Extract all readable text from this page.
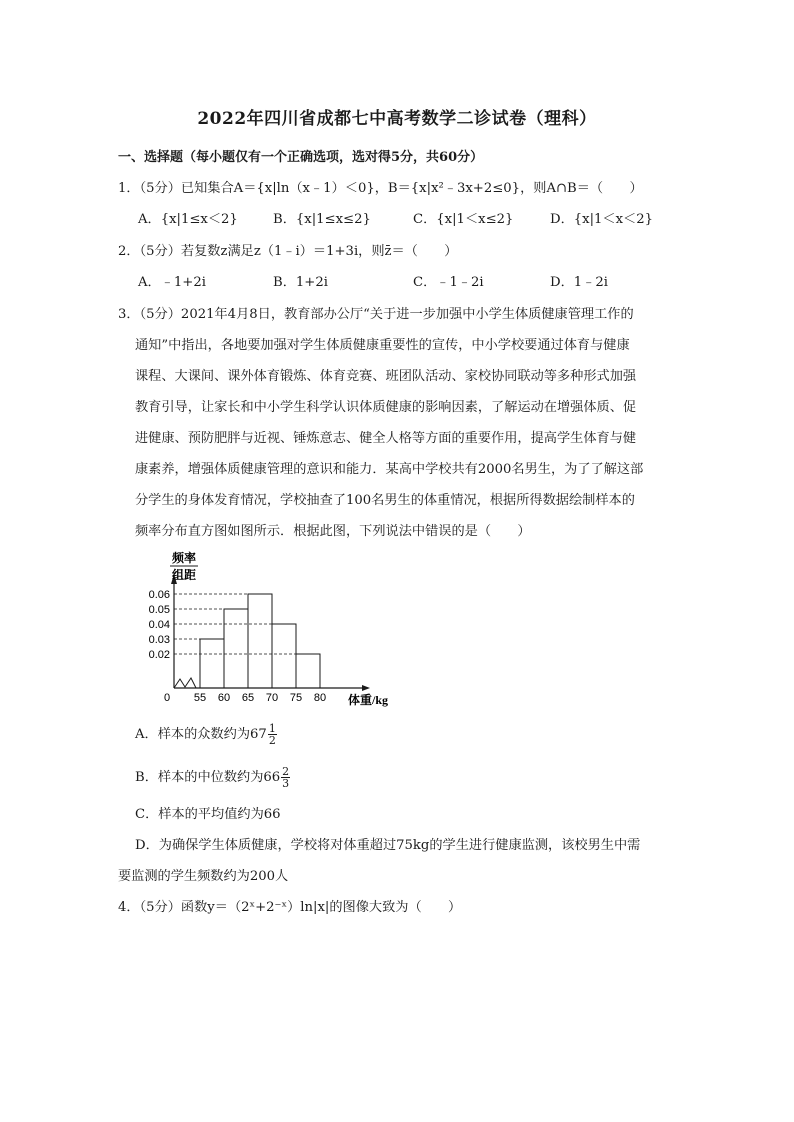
2022年四川省成都七中高考数学二诊试卷（理科）
一、选择题（每小题仅有一个正确选项，选对得5分，共60分）
1．（5分）已知集合A＝{x|ln（x﹣1）＜0}，B＝{x|x²﹣3x+2≤0}，则A∩B＝（　　）
A．{x|1≤x＜2}	B．{x|1≤x≤2}	C．{x|1＜x≤2}	D．{x|1＜x＜2}
2．（5分）若复数z满足z（1﹣i）＝1+3i，则z̄＝（　　）
A．﹣1+2i	B．1+2i	C．﹣1﹣2i	D．1﹣2i
3．（5分）2021年4月8日，教育部办公厅“关于进一步加强中小学生体质健康管理工作的
通知”中指出，各地要加强对学生体质健康重要性的宣传，中小学校要通过体育与健康
课程、大课间、课外体育锻炼、体育竞赛、班团队活动、家校协同联动等多种形式加强
教育引导，让家长和中小学生科学认识体质健康的影响因素，了解运动在增强体质、促
进健康、预防肥胖与近视、锤炼意志、健全人格等方面的重要作用，提高学生体育与健
康素养，增强体质健康管理的意识和能力．某高中学校共有2000名男生，为了了解这部
分学生的身体发育情况，学校抽查了100名男生的体重情况，根据所得数据绘制样本的
频率分布直方图如图所示．根据此图，下列说法中错误的是（　　）
频率
组距
0.02
0.03
0.04
0.05
0.06
55 60 65 70 75 80
0	体重/kg
A．样本的众数约为$67 \frac{1}{2}$
B．样本的中位数约为$66 \frac{2}{3}$
C．样本的平均值约为66
D．为确保学生体质健康，学校将对体重超过75kg的学生进行健康监测，该校男生中需
要监测的学生频数约为200人
4．（5分）函数y＝（2ˣ+2⁻ˣ）ln|x|的图像大致为（　　）
